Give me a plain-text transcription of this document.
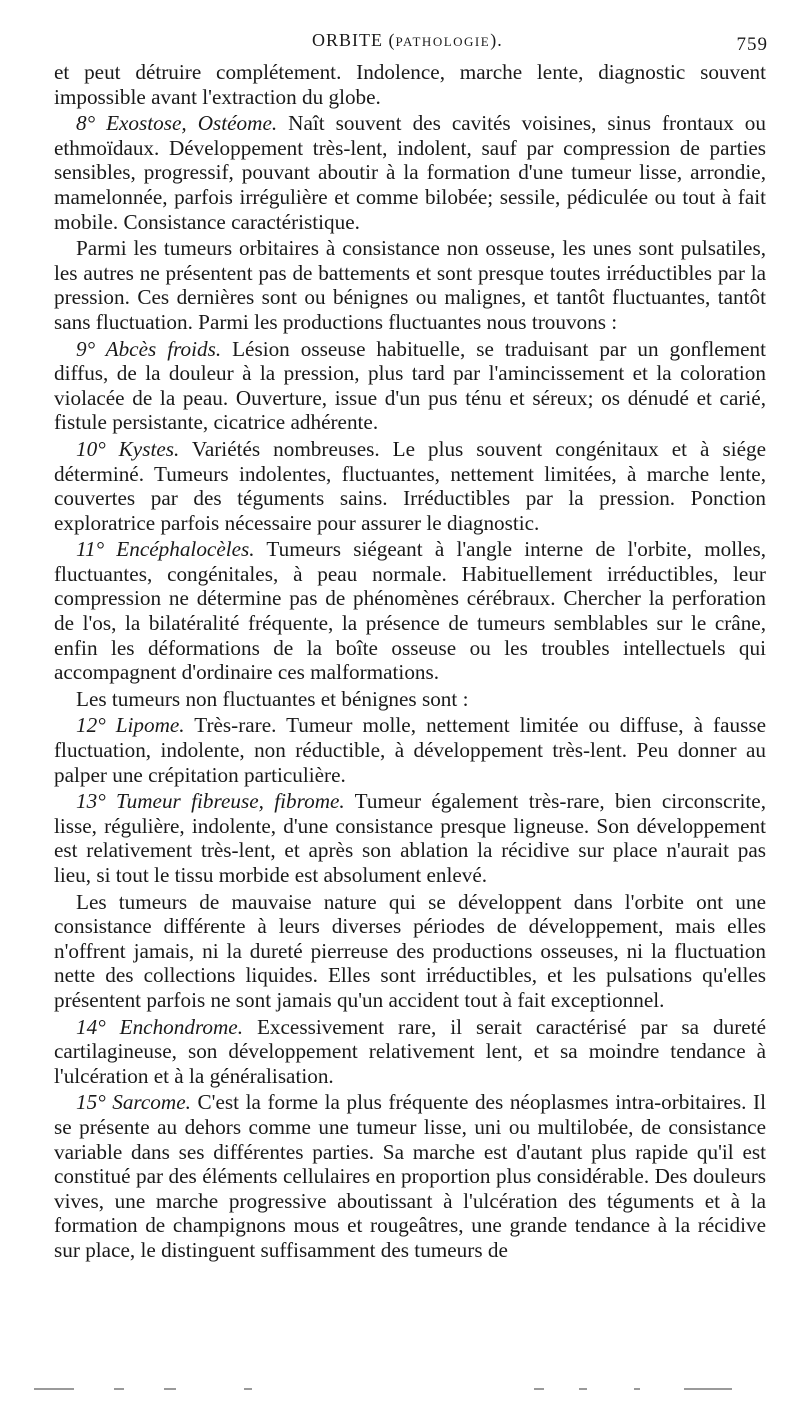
ORBITE (PATHOLOGIE).	759

et peut détruire complétement. Indolence, marche lente, diagnostic souvent impossible avant l'extraction du globe.

8° Exostose, Ostéome. Naît souvent des cavités voisines, sinus frontaux ou ethmoïdaux. Développement très-lent, indolent, sauf par compression de parties sensibles, progressif, pouvant aboutir à la formation d'une tumeur lisse, arrondie, mamelonnée, parfois irrégulière et comme bilobée; sessile, pédiculée ou tout à fait mobile. Consistance caractéristique.

Parmi les tumeurs orbitaires à consistance non osseuse, les unes sont pulsatiles, les autres ne présentent pas de battements et sont presque toutes irréductibles par la pression. Ces dernières sont ou bénignes ou malignes, et tantôt fluctuantes, tantôt sans fluctuation. Parmi les productions fluctuantes nous trouvons :

9° Abcès froids. Lésion osseuse habituelle, se traduisant par un gonflement diffus, de la douleur à la pression, plus tard par l'amincissement et la coloration violacée de la peau. Ouverture, issue d'un pus ténu et séreux; os dénudé et carié, fistule persistante, cicatrice adhérente.

10° Kystes. Variétés nombreuses. Le plus souvent congénitaux et à siége déterminé. Tumeurs indolentes, fluctuantes, nettement limitées, à marche lente, couvertes par des téguments sains. Irréductibles par la pression. Ponction exploratrice parfois nécessaire pour assurer le diagnostic.

11° Encéphalocèles. Tumeurs siégeant à l'angle interne de l'orbite, molles, fluctuantes, congénitales, à peau normale. Habituellement irréductibles, leur compression ne détermine pas de phénomènes cérébraux. Chercher la perforation de l'os, la bilatéralité fréquente, la présence de tumeurs semblables sur le crâne, enfin les déformations de la boîte osseuse ou les troubles intellectuels qui accompagnent d'ordinaire ces malformations.

Les tumeurs non fluctuantes et bénignes sont :

12° Lipome. Très-rare. Tumeur molle, nettement limitée ou diffuse, à fausse fluctuation, indolente, non réductible, à développement très-lent. Peu donner au palper une crépitation particulière.

13° Tumeur fibreuse, fibrome. Tumeur également très-rare, bien circonscrite, lisse, régulière, indolente, d'une consistance presque ligneuse. Son développement est relativement très-lent, et après son ablation la récidive sur place n'aurait pas lieu, si tout le tissu morbide est absolument enlevé.

Les tumeurs de mauvaise nature qui se développent dans l'orbite ont une consistance différente à leurs diverses périodes de développement, mais elles n'offrent jamais, ni la dureté pierreuse des productions osseuses, ni la fluctuation nette des collections liquides. Elles sont irréductibles, et les pulsations qu'elles présentent parfois ne sont jamais qu'un accident tout à fait exceptionnel.

14° Enchondrome. Excessivement rare, il serait caractérisé par sa dureté cartilagineuse, son développement relativement lent, et sa moindre tendance à l'ulcération et à la généralisation.

15° Sarcome. C'est la forme la plus fréquente des néoplasmes intra-orbitaires. Il se présente au dehors comme une tumeur lisse, uni ou multilobée, de consistance variable dans ses différentes parties. Sa marche est d'autant plus rapide qu'il est constitué par des éléments cellulaires en proportion plus considérable. Des douleurs vives, une marche progressive aboutissant à l'ulcération des téguments et à la formation de champignons mous et rougeâtres, une grande tendance à la récidive sur place, le distinguent suffisamment des tumeurs de
